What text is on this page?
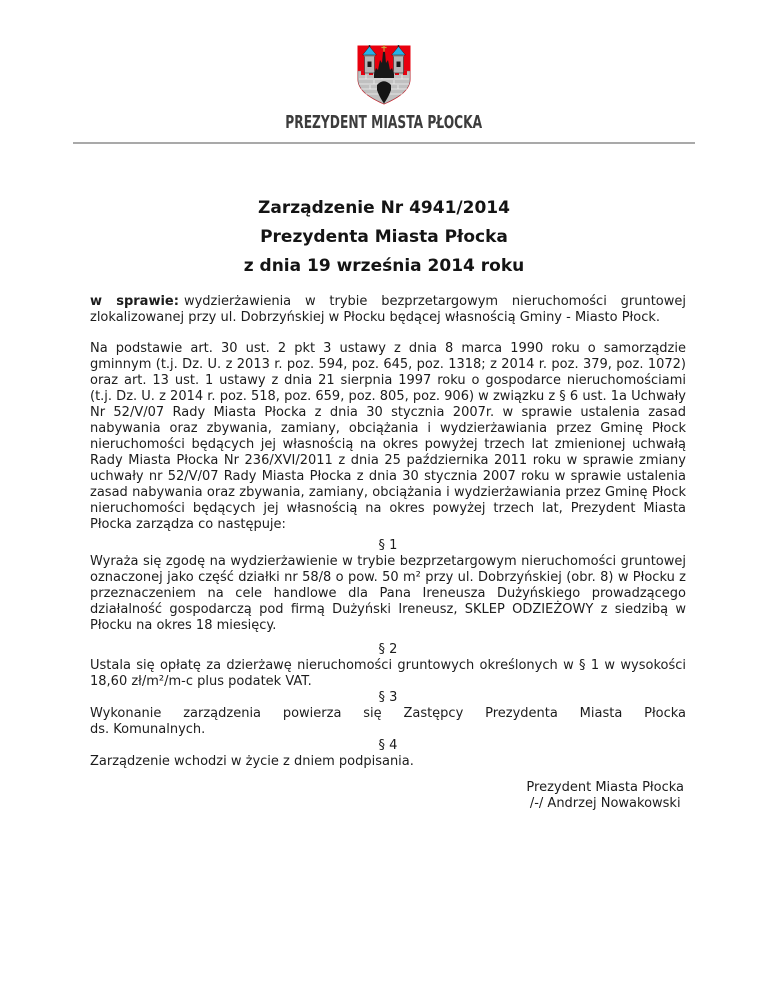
PREZYDENT MIASTA PŁOCKA
Zarządzenie Nr 4941/2014
Prezydenta Miasta Płocka
z dnia 19 września 2014 roku

w sprawie: wydzierżawienia w trybie bezprzetargowym nieruchomości gruntowej zlokalizowanej przy ul. Dobrzyńskiej w Płocku będącej własnością Gminy - Miasto Płock.

Na podstawie art. 30 ust. 2 pkt 3 ustawy z dnia 8 marca 1990 roku o samorządzie gminnym (t.j. Dz. U. z 2013 r. poz. 594, poz. 645, poz. 1318; z 2014 r. poz. 379, poz. 1072) oraz art. 13 ust. 1 ustawy z dnia 21 sierpnia 1997 roku o gospodarce nieruchomościami (t.j. Dz. U. z 2014 r. poz. 518, poz. 659, poz. 805, poz. 906) w związku z § 6 ust. 1a Uchwały Nr 52/V/07 Rady Miasta Płocka z dnia 30 stycznia 2007r. w sprawie ustalenia zasad nabywania oraz zbywania, zamiany, obciążania i wydzierżawiania przez Gminę Płock nieruchomości będących jej własnością na okres powyżej trzech lat zmienionej uchwałą Rady Miasta Płocka Nr 236/XVI/2011 z dnia 25 października 2011 roku w sprawie zmiany uchwały nr 52/V/07 Rady Miasta Płocka z dnia 30 stycznia 2007 roku w sprawie ustalenia zasad nabywania oraz zbywania, zamiany, obciążania i wydzierżawiania przez Gminę Płock nieruchomości będących jej własnością na okres powyżej trzech lat, Prezydent Miasta Płocka zarządza co następuje:

§ 1

Wyraża się zgodę na wydzierżawienie w trybie bezprzetargowym nieruchomości gruntowej oznaczonej jako część działki nr 58/8 o pow. 50 m² przy ul. Dobrzyńskiej (obr. 8) w Płocku z przeznaczeniem na cele handlowe dla Pana Ireneusza Dużyńskiego prowadzącego działalność gospodarczą pod firmą Dużyński Ireneusz, SKLEP ODZIEŻOWY z siedzibą w Płocku na okres 18 miesięcy.

§ 2

Ustala się opłatę za dzierżawę nieruchomości gruntowych określonych w § 1 w wysokości 18,60 zł/m²/m-c plus podatek VAT.

§ 3

Wykonanie zarządzenia powierza się Zastępcy Prezydenta Miasta Płocka

ds. Komunalnych.

§ 4

Zarządzenie wchodzi w życie z dniem podpisania.

Prezydent Miasta Płocka
/-/ Andrzej Nowakowski
